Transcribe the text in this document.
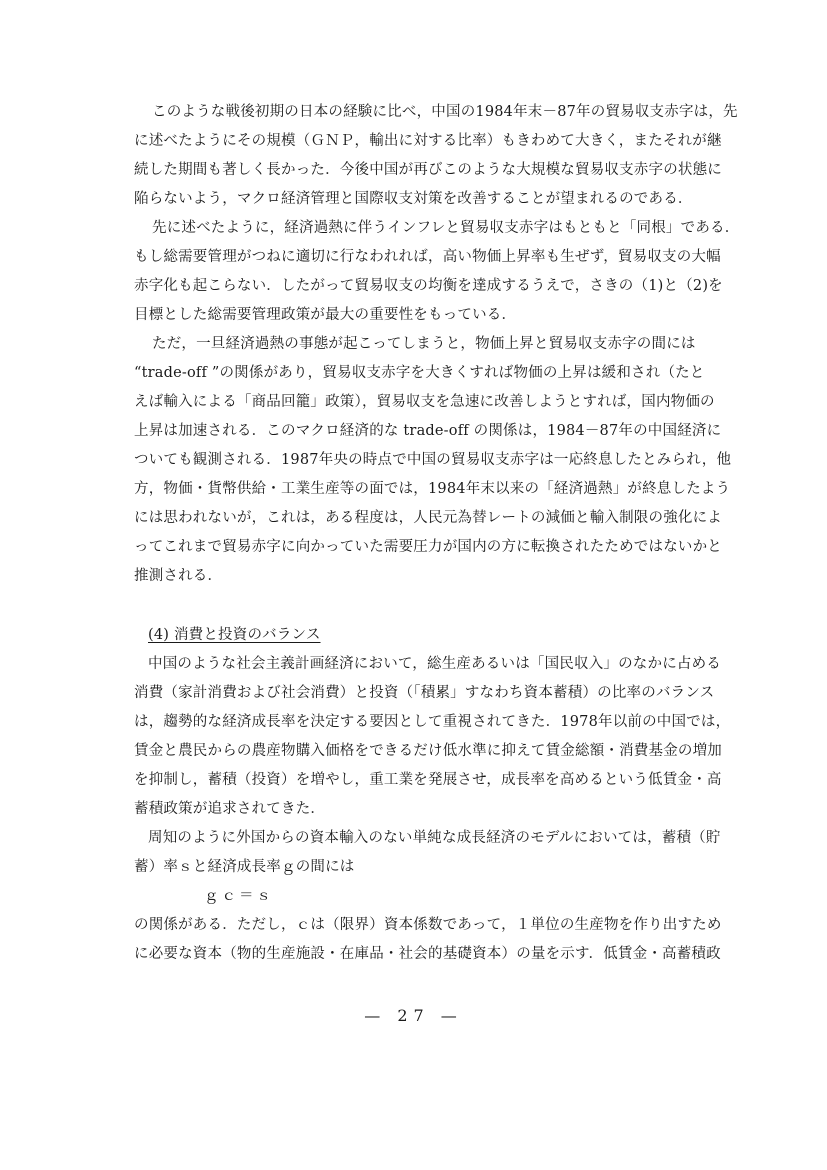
このような戦後初期の日本の経験に比べ，中国の1984年末－87年の貿易収支赤字は，先
に述べたようにその規模（ＧＮＰ，輸出に対する比率）もきわめて大きく，またそれが継
続した期間も著しく長かった．今後中国が再びこのような大規模な貿易収支赤字の状態に
陥らないよう，マクロ経済管理と国際収支対策を改善することが望まれるのである．
先に述べたように，経済過熱に伴うインフレと貿易収支赤字はもともと「同根」である．
もし総需要管理がつねに適切に行なわれれば，高い物価上昇率も生ぜず，貿易収支の大幅
赤字化も起こらない．したがって貿易収支の均衡を達成するうえで，さきの（1)と（2)を
目標とした総需要管理政策が最大の重要性をもっている．
ただ，一旦経済過熱の事態が起こってしまうと，物価上昇と貿易収支赤字の間には
“trade-off ”の関係があり，貿易収支赤字を大きくすれば物価の上昇は緩和され（たと
えば輸入による「商品回籠」政策），貿易収支を急速に改善しようとすれば，国内物価の
上昇は加速される．このマクロ経済的な trade-off の関係は，1984－87年の中国経済に
ついても観測される．1987年央の時点で中国の貿易収支赤字は一応終息したとみられ，他
方，物価・貨幣供給・工業生産等の面では，1984年末以来の「経済過熱」が終息したよう
には思われないが，これは，ある程度は，人民元為替レートの減価と輸入制限の強化によ
ってこれまで貿易赤字に向かっていた需要圧力が国内の方に転換されたためではないかと
推測される．
(4) 消費と投資のバランス
中国のような社会主義計画経済において，総生産あるいは「国民収入」のなかに占める
消費（家計消費および社会消費）と投資（「積累」すなわち資本蓄積）の比率のバランス
は，趨勢的な経済成長率を決定する要因として重視されてきた．1978年以前の中国では，
賃金と農民からの農産物購入価格をできるだけ低水準に抑えて賃金総額・消費基金の増加
を抑制し，蓄積（投資）を増やし，重工業を発展させ，成長率を高めるという低賃金・高
蓄積政策が追求されてきた．
周知のように外国からの資本輸入のない単純な成長経済のモデルにおいては，蓄積（貯
蓄）率ｓと経済成長率ｇの間には
ｇｃ＝ｓ
の関係がある．ただし，ｃは（限界）資本係数であって，１単位の生産物を作り出すため
に必要な資本（物的生産施設・在庫品・社会的基礎資本）の量を示す．低賃金・高蓄積政
— 27 —
